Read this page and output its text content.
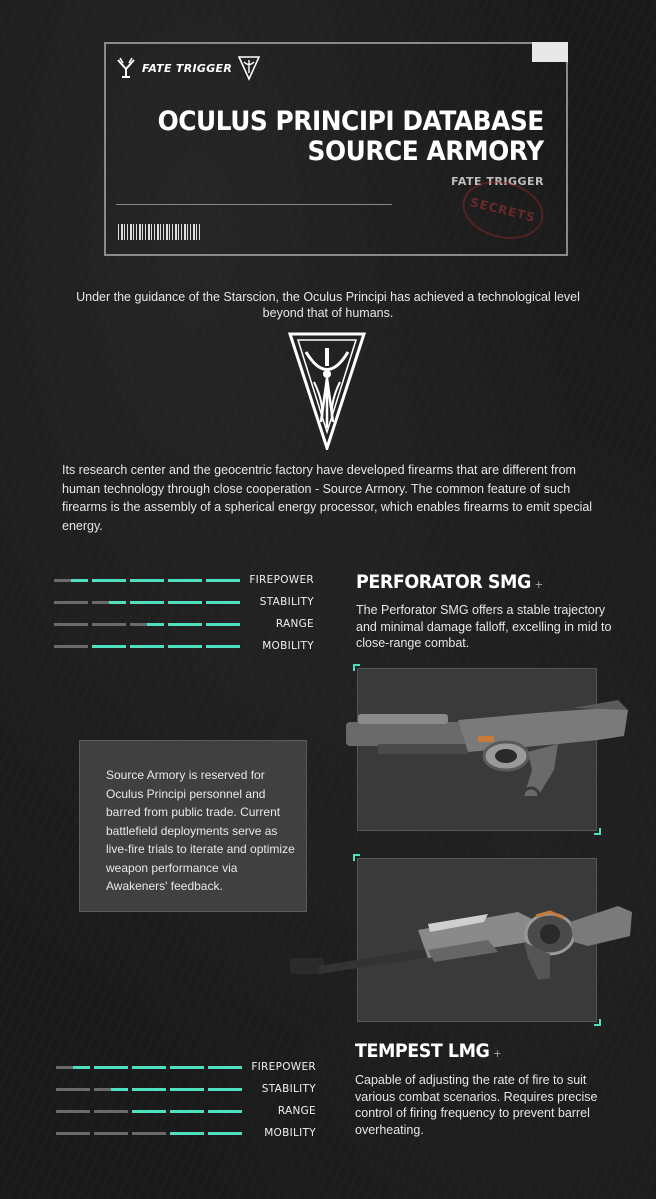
FATE TRIGGER
OCULUS PRINCIPI DATABASE
SOURCE ARMORY
FATE TRIGGER
SECRETS

Under the guidance of the Starscion, the Oculus Principi has achieved a technological level beyond that of humans.

Its research center and the geocentric factory have developed firearms that are different from human technology through close cooperation - Source Armory. The common feature of such firearms is the assembly of a spherical energy processor, which enables firearms to emit special energy.

FIREPOWER
STABILITY
RANGE
MOBILITY
PERFORATOR SMG +

The Perforator SMG offers a stable trajectory and minimal damage falloff, excelling in mid to close-range combat.

Source Armory is reserved for Oculus Principi personnel and barred from public trade. Current battlefield deployments serve as live-fire trials to iterate and optimize weapon performance via Awakeners' feedback.

TEMPEST LMG +

Capable of adjusting the rate of fire to suit various combat scenarios. Requires precise control of firing frequency to prevent barrel overheating.

FIREPOWER
STABILITY
RANGE
MOBILITY
